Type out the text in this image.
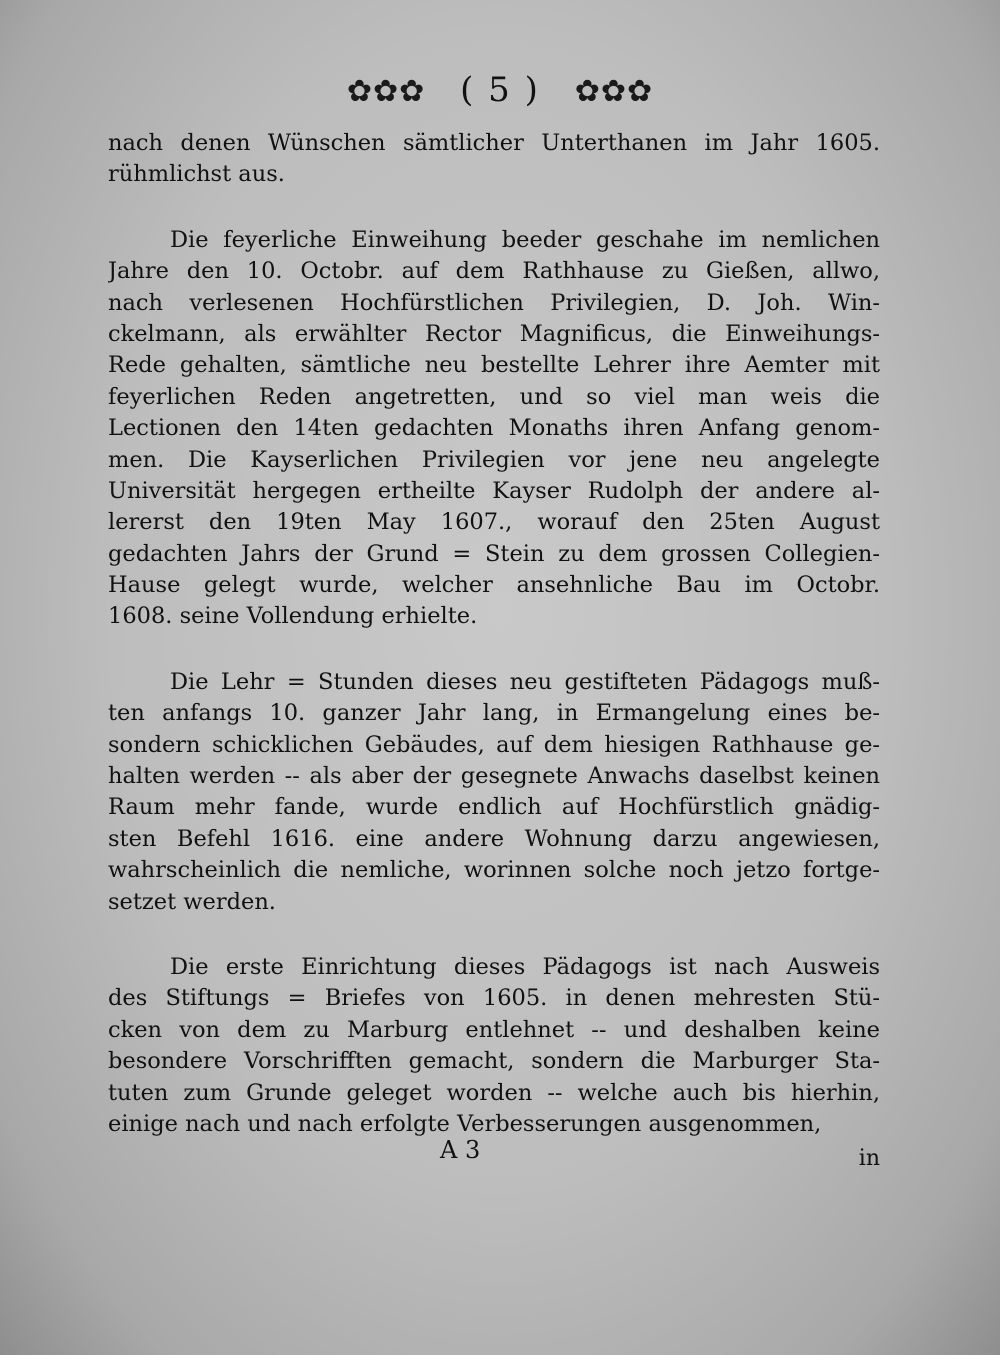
✿✿✿ ( 5 ) ✿✿✿
nach denen Wünschen sämtlicher Unterthanen im Jahr 1605.
rühmlichst aus.
Die feyerliche Einweihung beeder geschahe im nemlichen
Jahre den 10. Octobr. auf dem Rathhause zu Gießen, allwo,
nach verlesenen Hochfürstlichen Privilegien, D. Joh. Win-
ckelmann, als erwählter Rector Magnificus, die Einweihungs-
Rede gehalten, sämtliche neu bestellte Lehrer ihre Aemter mit
feyerlichen Reden angetretten, und so viel man weis die
Lectionen den 14ten gedachten Monaths ihren Anfang genom-
men. Die Kayserlichen Privilegien vor jene neu angelegte
Universität hergegen ertheilte Kayser Rudolph der andere al-
lererst den 19ten May 1607., worauf den 25ten August
gedachten Jahrs der Grund = Stein zu dem grossen Collegien-
Hause gelegt wurde, welcher ansehnliche Bau im Octobr.
1608. seine Vollendung erhielte.
Die Lehr = Stunden dieses neu gestifteten Pädagogs muß-
ten anfangs 10. ganzer Jahr lang, in Ermangelung eines be-
sondern schicklichen Gebäudes, auf dem hiesigen Rathhause ge-
halten werden -- als aber der gesegnete Anwachs daselbst keinen
Raum mehr fande, wurde endlich auf Hochfürstlich gnädig-
sten Befehl 1616. eine andere Wohnung darzu angewiesen,
wahrscheinlich die nemliche, worinnen solche noch jetzo fortge-
setzet werden.
Die erste Einrichtung dieses Pädagogs ist nach Ausweis
des Stiftungs = Briefes von 1605. in denen mehresten Stü-
cken von dem zu Marburg entlehnet -- und deshalben keine
besondere Vorschrifften gemacht, sondern die Marburger Sta-
tuten zum Grunde geleget worden -- welche auch bis hierhin,
einige nach und nach erfolgte Verbesserungen ausgenommen,
A 3	in
